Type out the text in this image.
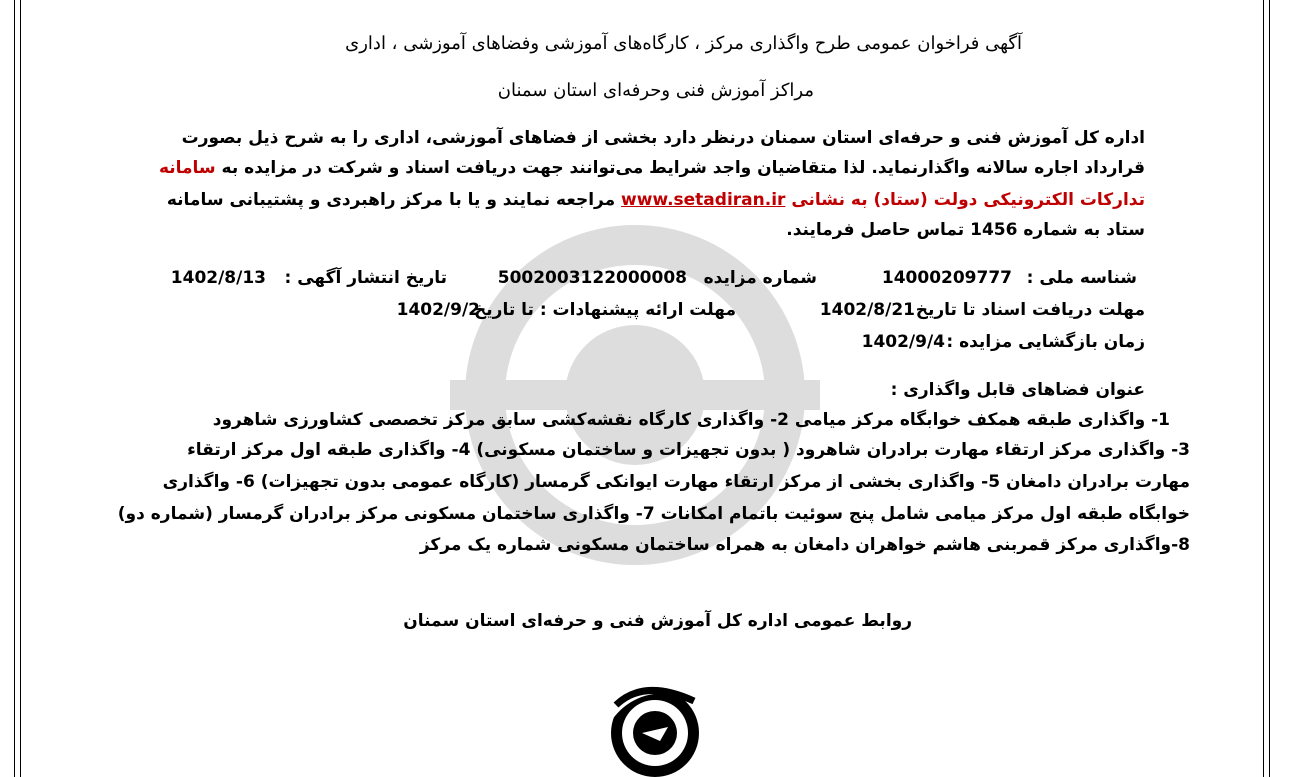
آگهی فراخوان عمومی طرح واگذاری مرکز ، کارگاه‌های آموزشی وفضاهای آموزشی ، اداری
مراکز آموزش فنی وحرفه‌ای استان سمنان
اداره کل آموزش فنی و حرفه‌ای استان سمنان درنظر دارد بخشی از فضاهای آموزشی، اداری را به شرح ذیل بصورت
قرارداد اجاره سالانه واگذارنماید. لذا متقاضیان واجد شرایط می‌توانند جهت دریافت اسناد و شرکت در مزایده به سامانه
تدارکات الکترونیکی دولت (ستاد) به نشانی www.setadiran.ir مراجعه نمایند و یا با مرکز راهبردی و پشتیبانی سامانه
ستاد به شماره 1456 تماس حاصل فرمایند.
شناسه ملی :
14000209777
شماره مزایده
5002003122000008
تاریخ انتشار آگهی :
1402/8/13
مهلت دریافت اسناد تا تاریخ
1402/8/21
مهلت ارائه پیشنهادات : تا تاریخ
1402/9/2
زمان بازگشایی مزایده :
1402/9/4
عنوان فضاهای قابل واگذاری :
1- واگذاری طبقه همکف خوابگاه مرکز میامی 2- واگذاری کارگاه نقشه‌کشی سابق مرکز تخصصی کشاورزی شاهرود
3- واگذاری مرکز ارتقاء مهارت برادران شاهرود ( بدون تجهیزات و ساختمان مسکونی) 4- واگذاری طبقه اول مرکز ارتقاء
مهارت برادران دامغان 5- واگذاری بخشی از مرکز ارتقاء مهارت ایوانکی گرمسار (کارگاه عمومی بدون تجهیزات) 6- واگذاری
خوابگاه طبقه اول مرکز میامی شامل پنج سوئیت باتمام امکانات 7- واگذاری ساختمان مسکونی مرکز برادران گرمسار (شماره دو)
8-واگذاری مرکز قمربنی هاشم خواهران دامغان به همراه ساختمان مسکونی شماره یک مرکز
روابط عمومی اداره کل آموزش فنی و حرفه‌ای استان سمنان
